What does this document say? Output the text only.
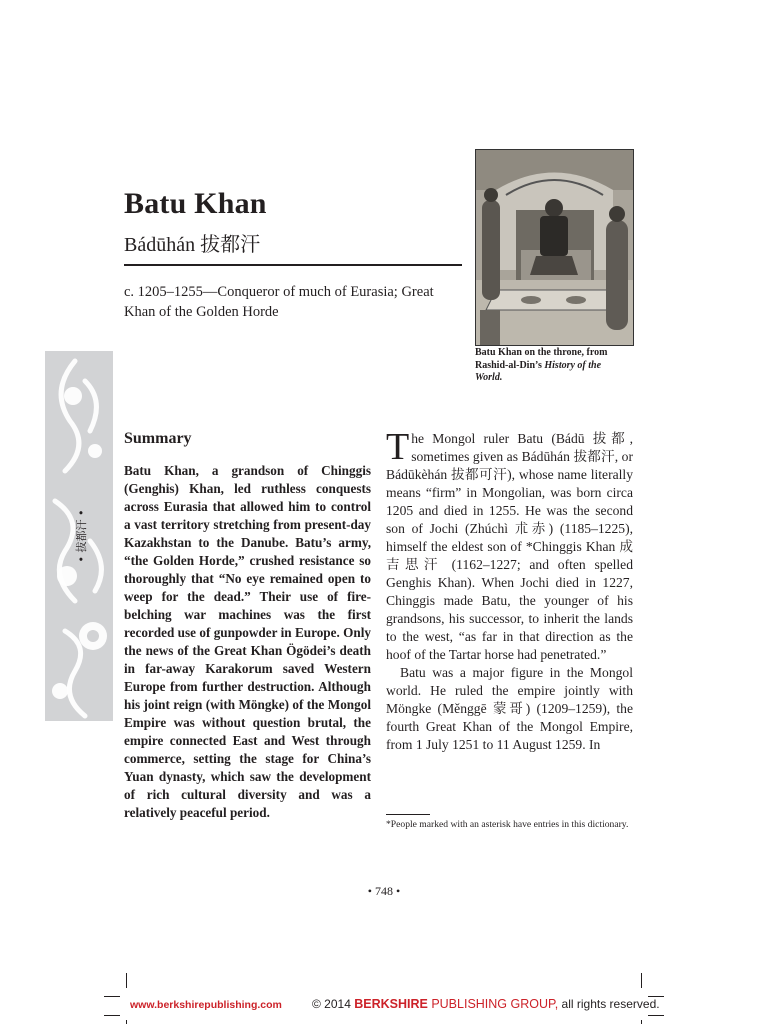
Batu Khan
Bádūhán 拔都汗
c. 1205–1255—Conqueror of much of Eurasia; Great Khan of the Golden Horde
Batu Khan on the throne, from Rashid-al-Din’s History of the World.
• 拔都汗 •
Summary
Batu Khan, a grandson of Chinggis (Genghis) Khan, led ruthless conquests across Eurasia that allowed him to control a vast territory stretching from present-day Kazakhstan to the Danube. Batu’s army, “the Golden Horde,” crushed resistance so thoroughly that “No eye remained open to weep for the dead.” Their use of fire-belching war machines was the first recorded use of gunpowder in Europe. Only the news of the Great Khan Ögödei’s death in far-away Karakorum saved Western Europe from further destruction. Although his joint reign (with Möngke) of the Mongol Empire was without question brutal, the empire connected East and West through commerce, setting the stage for China’s Yuan dynasty, which saw the development of rich cultural diversity and was a relatively peaceful period.

The Mongol ruler Batu (Bádū 拔都, sometimes given as Bádūhán 拔都汗, or Bádūkèhán 拔都可汗), whose name literally means “firm” in Mongolian, was born circa 1205 and died in 1255. He was the second son of Jochi (Zhúchì 朮赤) (1185–1225), himself the eldest son of *Chinggis Khan 成吉思汗 (1162–1227; and often spelled Genghis Khan). When Jochi died in 1227, Chinggis made Batu, the younger of his grandsons, his successor, to inherit the lands to the west, “as far in that direction as the hoof of the Tartar horse had penetrated.”

Batu was a major figure in the Mongol world. He ruled the empire jointly with Möngke (Měnggē 蒙哥) (1209–1259), the fourth Great Khan of the Mongol Empire, from 1 July 1251 to 11 August 1259. In

*People marked with an asterisk have entries in this dictionary.
• 748 •
www.berkshirepublishing.com	© 2014 BERKSHIRE PUBLISHING GROUP, all rights reserved.
